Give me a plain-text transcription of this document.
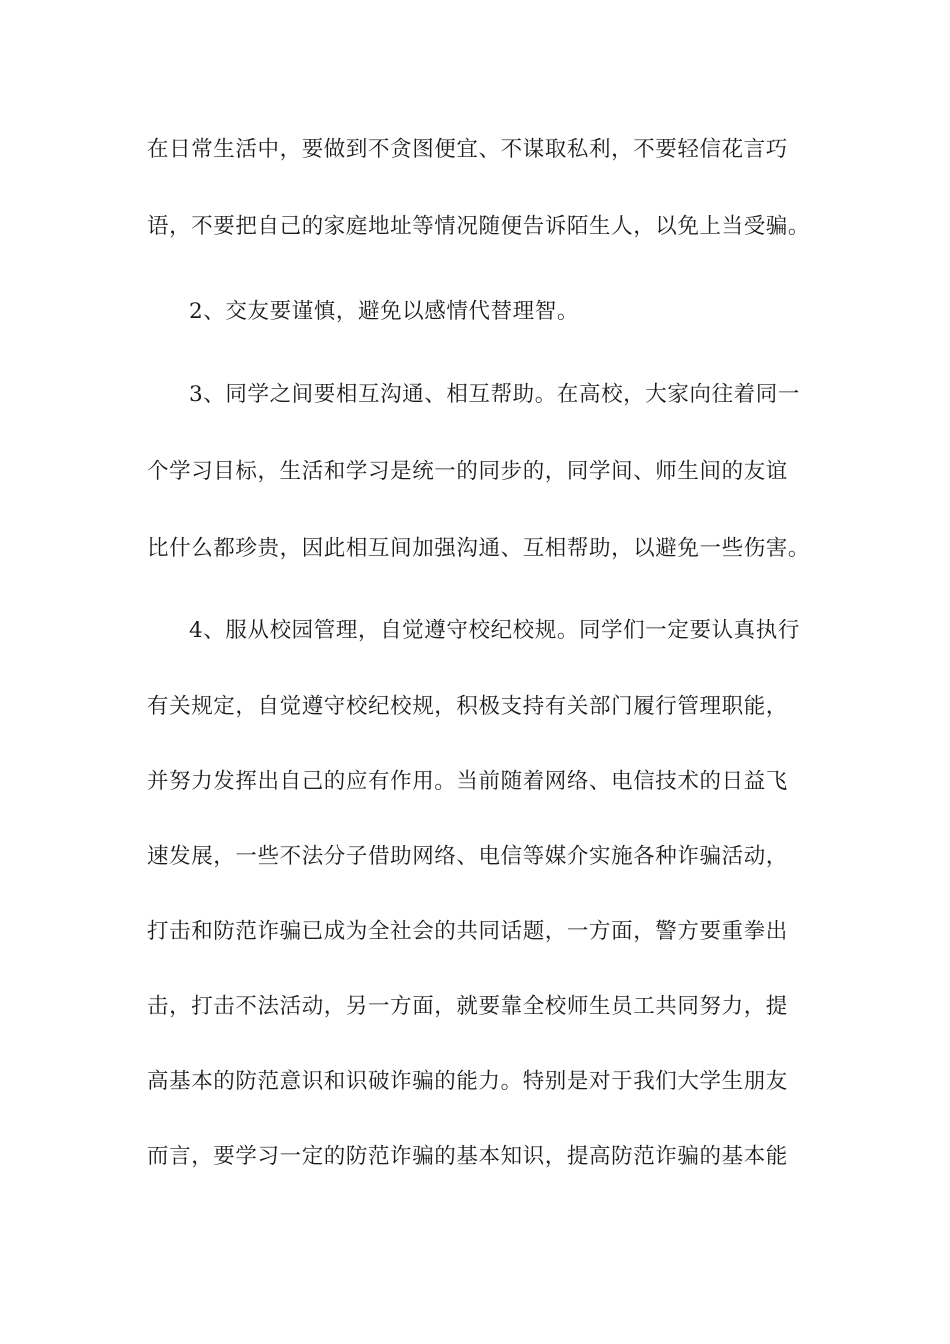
在日常生活中，要做到不贪图便宜、不谋取私利，不要轻信花言巧
语，不要把自己的家庭地址等情况随便告诉陌生人，以免上当受骗。
2、交友要谨慎，避免以感情代替理智。
3、同学之间要相互沟通、相互帮助。在高校，大家向往着同一
个学习目标，生活和学习是统一的同步的，同学间、师生间的友谊
比什么都珍贵，因此相互间加强沟通、互相帮助，以避免一些伤害。
4、服从校园管理，自觉遵守校纪校规。同学们一定要认真执行
有关规定，自觉遵守校纪校规，积极支持有关部门履行管理职能，
并努力发挥出自己的应有作用。当前随着网络、电信技术的日益飞
速发展，一些不法分子借助网络、电信等媒介实施各种诈骗活动，
打击和防范诈骗已成为全社会的共同话题，一方面，警方要重拳出
击，打击不法活动，另一方面，就要靠全校师生员工共同努力，提
高基本的防范意识和识破诈骗的能力。特别是对于我们大学生朋友
而言，要学习一定的防范诈骗的基本知识，提高防范诈骗的基本能
